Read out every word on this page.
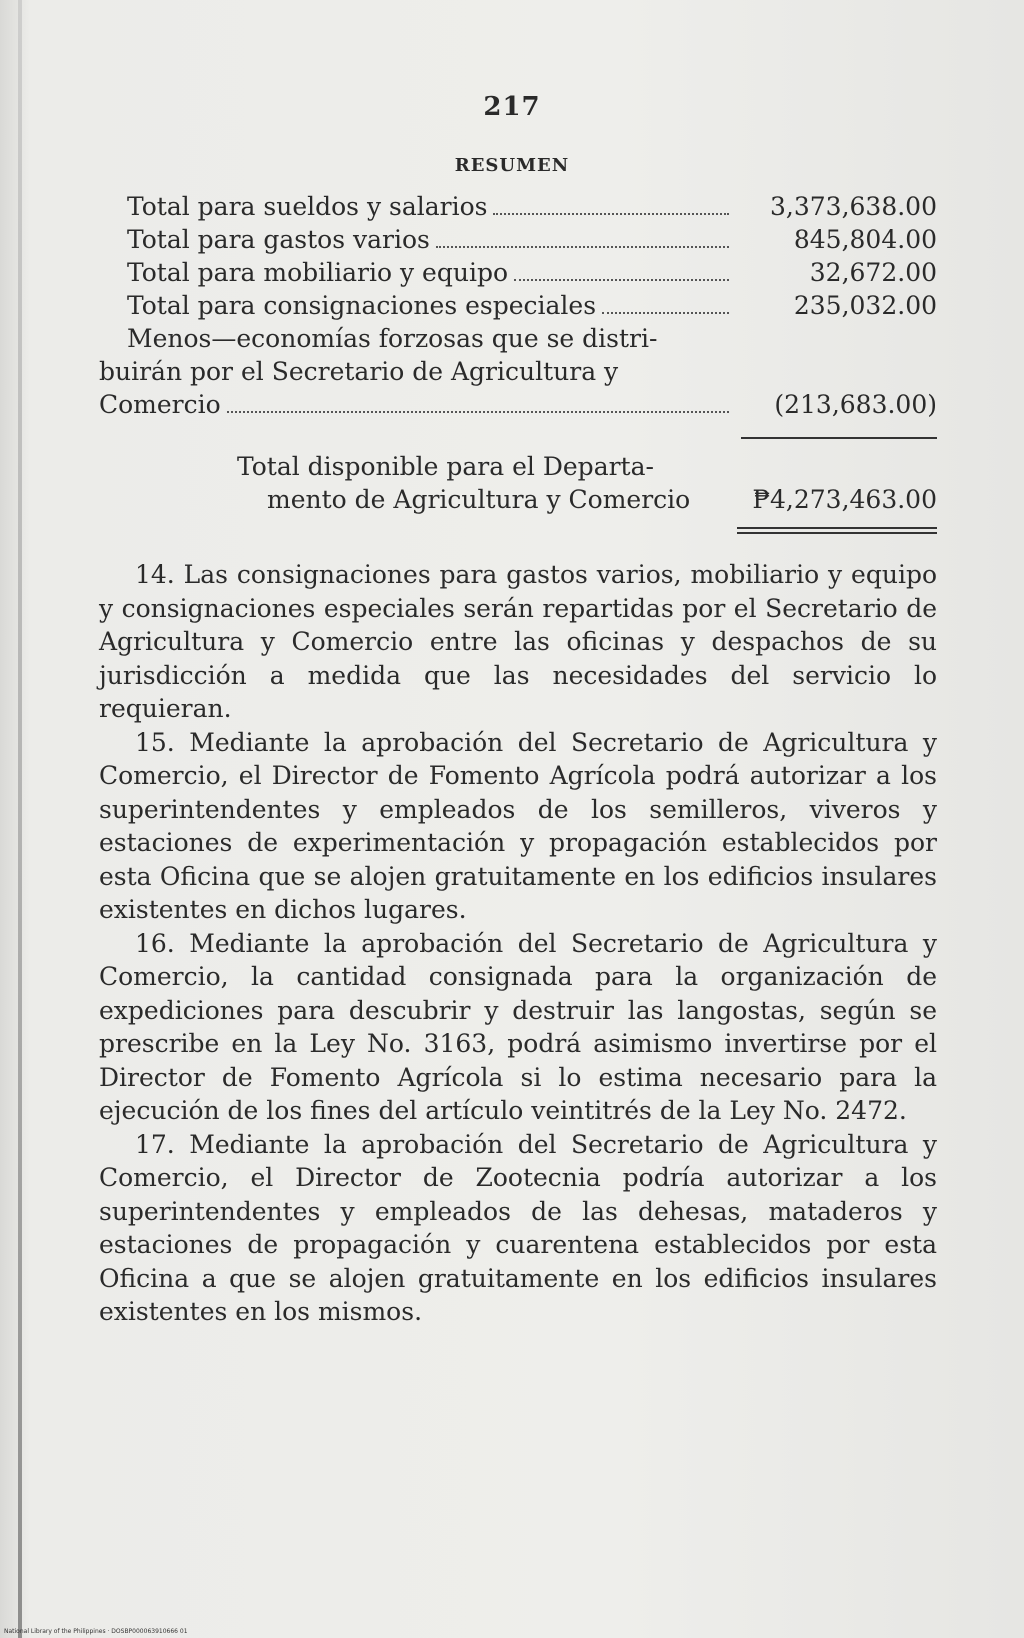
217
RESUMEN
Total para sueldos y salarios	3,373,638.00
Total para gastos varios	845,804.00
Total para mobiliario y equipo	32,672.00
Total para consignaciones especiales	235,032.00
Menos—economías forzosas que se distri-
buirán por el Secretario de Agricultura y
Comercio	(213,683.00)
Total disponible para el Departa-
mento de Agricultura y Comercio ₱4,273,463.00

14. Las consignaciones para gastos varios, mobiliario y equipo y consignaciones especiales serán repartidas por el Secretario de Agricultura y Comercio entre las oficinas y despachos de su jurisdicción a medida que las necesidades del servicio lo requieran.

15. Mediante la aprobación del Secretario de Agricultura y Comercio, el Director de Fomento Agrícola podrá autorizar a los superintendentes y empleados de los semilleros, viveros y estaciones de experimentación y propagación establecidos por esta Oficina que se alojen gratuitamente en los edificios insulares existentes en dichos lugares.

16. Mediante la aprobación del Secretario de Agricultura y Comercio, la cantidad consignada para la organización de expediciones para descubrir y destruir las langostas, según se prescribe en la Ley No. 3163, podrá asimismo invertirse por el Director de Fomento Agrícola si lo estima necesario para la ejecución de los fines del artículo veintitrés de la Ley No. 2472.

17. Mediante la aprobación del Secretario de Agricultura y Comercio, el Director de Zootecnia podría autorizar a los superintendentes y empleados de las dehesas, mataderos y estaciones de propagación y cuarentena establecidos por esta Oficina a que se alojen gratuitamente en los edificios insulares existentes en los mismos.

National Library of the Philippines · DOSBP000063910666 01
